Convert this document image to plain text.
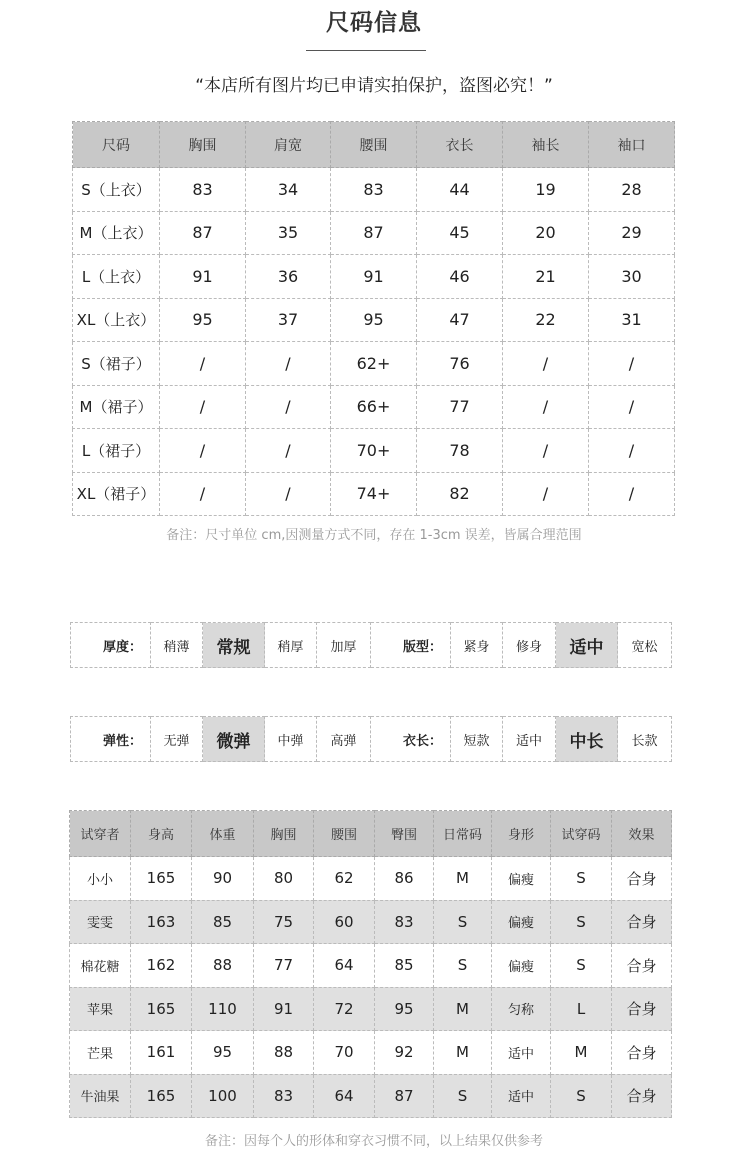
尺码信息
“本店所有图片均已申请实拍保护，盗图必究！”
尺码	胸围	肩宽	腰围	衣长	袖长	袖口
S（上衣）	83	34	83	44	19	28
M（上衣）	87	35	87	45	20	29
L（上衣）	91	36	91	46	21	30
XL（上衣）	95	37	95	47	22	31
S（裙子）	/	/	62+	76	/	/
M（裙子）	/	/	66+	77	/	/
L（裙子）	/	/	70+	78	/	/
XL（裙子）	/	/	74+	82	/	/
备注：尺寸单位 cm,因测量方式不同，存在 1-3cm 误差，皆属合理范围
厚度：	稍薄	常规	稍厚	加厚	版型：	紧身	修身	适中	宽松
弹性：	无弹	微弹	中弹	高弹	衣长：	短款	适中	中长	长款
试穿者	身高	体重	胸围	腰围	臀围	日常码	身形	试穿码	效果
小小	165	90	80	62	86	M	偏瘦	S	合身
雯雯	163	85	75	60	83	S	偏瘦	S	合身
棉花糖	162	88	77	64	85	S	偏瘦	S	合身
苹果	165	110	91	72	95	M	匀称	L	合身
芒果	161	95	88	70	92	M	适中	M	合身
牛油果	165	100	83	64	87	S	适中	S	合身
备注：因每个人的形体和穿衣习惯不同，以上结果仅供参考
